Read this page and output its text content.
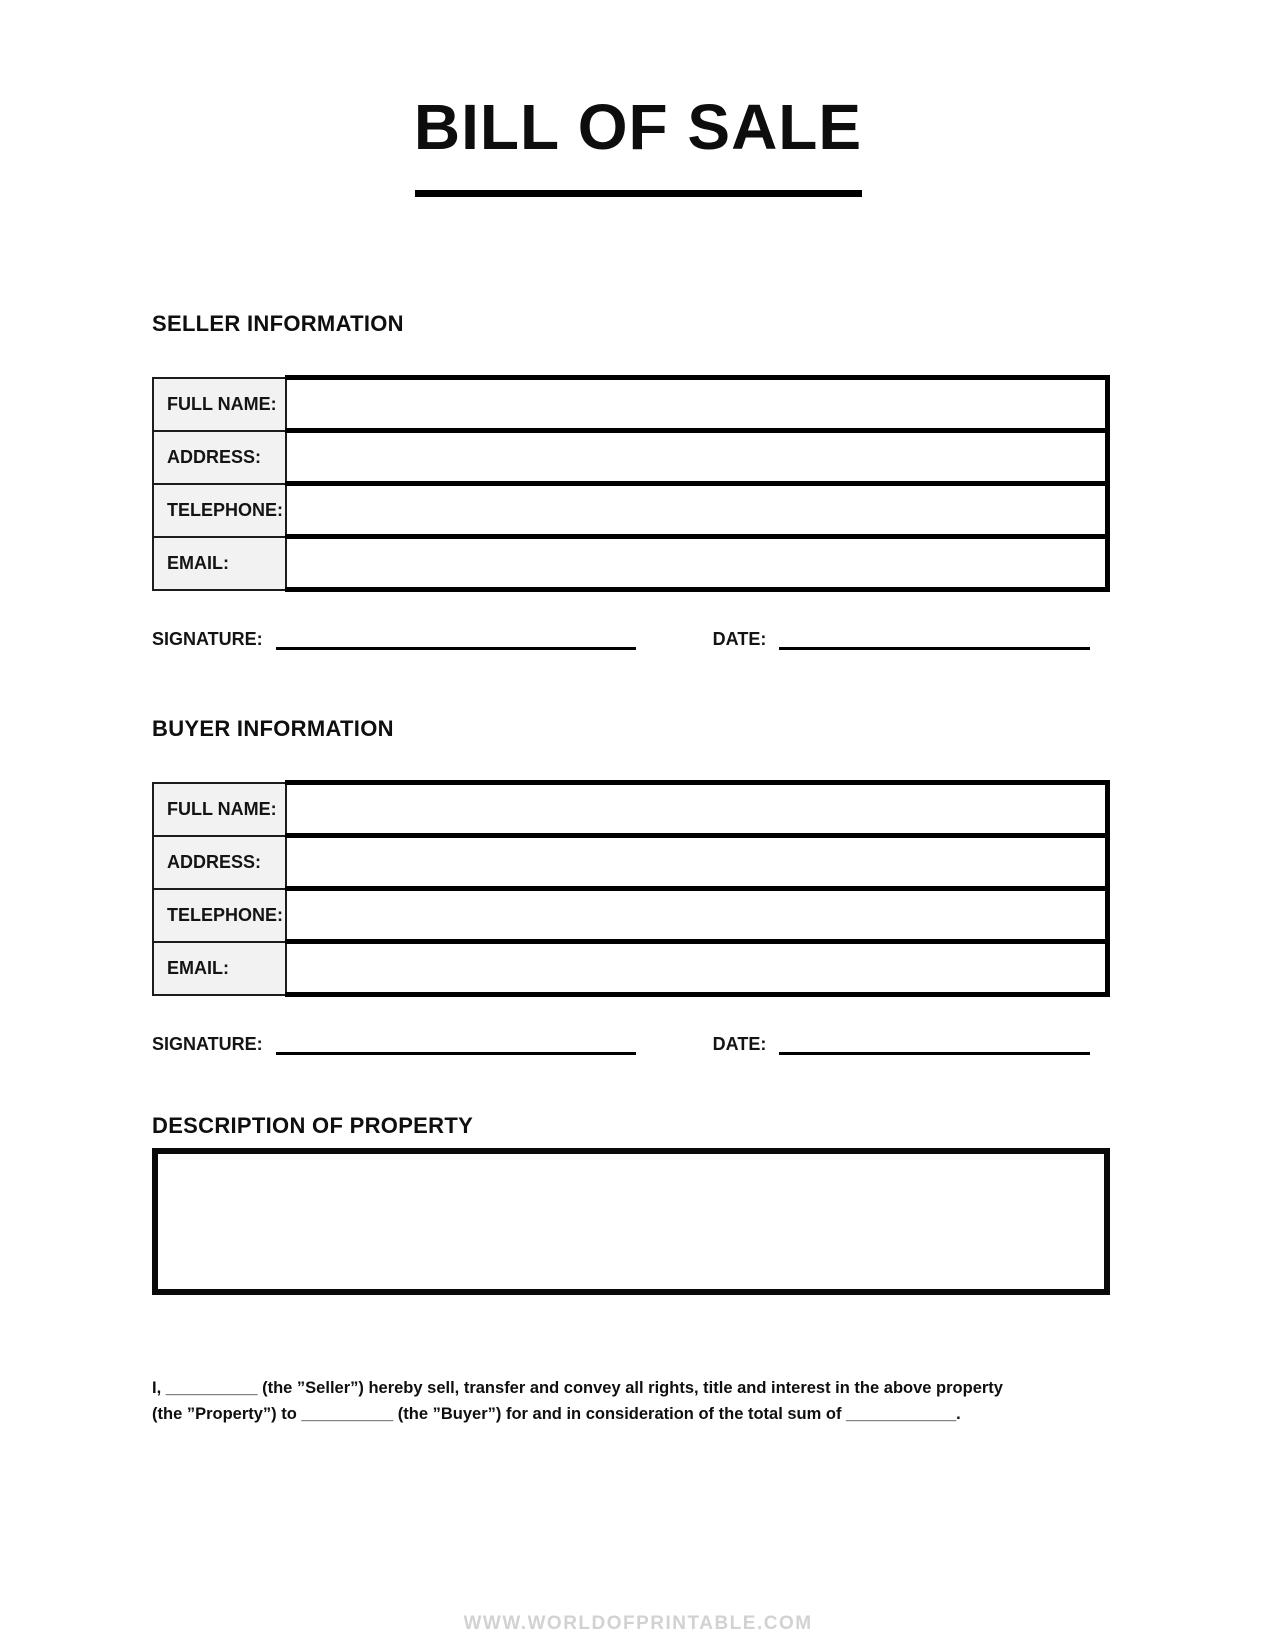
BILL OF SALE
SELLER INFORMATION
FULL NAME:	
ADDRESS:	
TELEPHONE:	
EMAIL:	
SIGNATURE:	DATE:
BUYER INFORMATION
FULL NAME:	
ADDRESS:	
TELEPHONE:	
EMAIL:	
SIGNATURE:	DATE:
DESCRIPTION OF PROPERTY

I, __________ (the ”Seller”) hereby sell, transfer and convey all rights, title and interest in the above property

(the ”Property”) to __________ (the ”Buyer”) for and in consideration of the total sum of ____________.

WWW.WORLDOFPRINTABLE.COM
